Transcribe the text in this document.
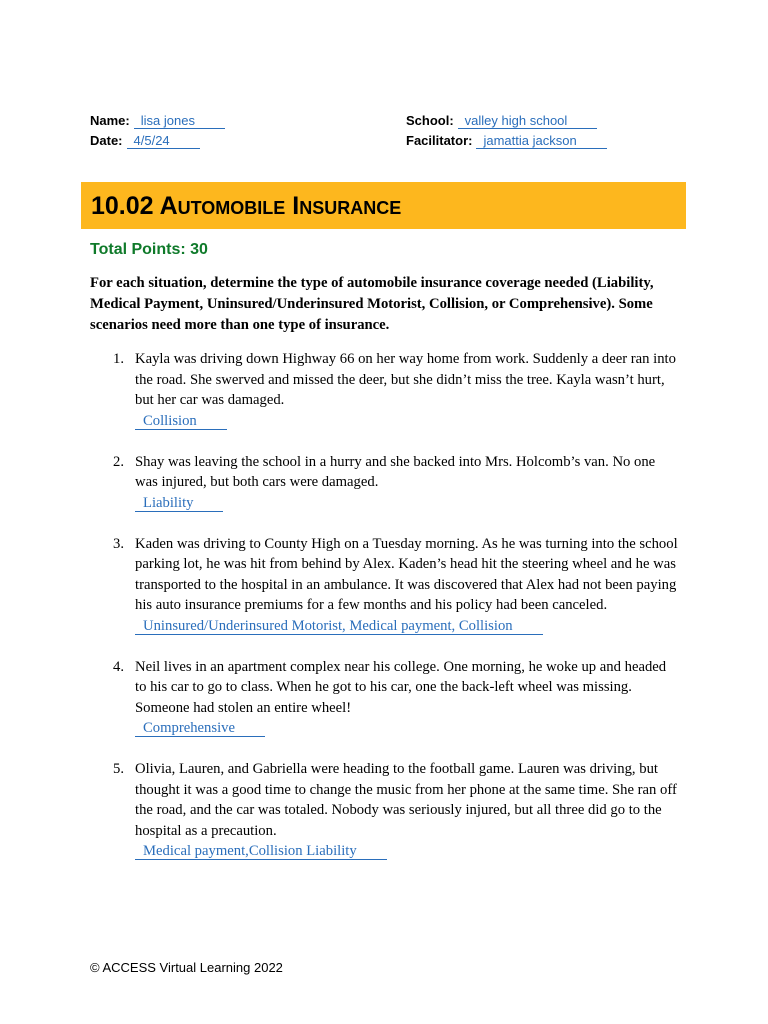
Name: lisa jones
Date: 4/5/24
School: valley high school
Facilitator: jamattia jackson
10.02 Automobile Insurance
Total Points: 30
For each situation, determine the type of automobile insurance coverage needed (Liability, Medical Payment, Uninsured/Underinsured Motorist, Collision, or Comprehensive). Some scenarios need more than one type of insurance.
1. Kayla was driving down Highway 66 on her way home from work. Suddenly a deer ran into the road. She swerved and missed the deer, but she didn’t miss the tree. Kayla wasn’t hurt, but her car was damaged.
Collision
2. Shay was leaving the school in a hurry and she backed into Mrs. Holcomb’s van. No one was injured, but both cars were damaged.
Liability
3. Kaden was driving to County High on a Tuesday morning. As he was turning into the school parking lot, he was hit from behind by Alex. Kaden’s head hit the steering wheel and he was transported to the hospital in an ambulance. It was discovered that Alex had not been paying his auto insurance premiums for a few months and his policy had been canceled.
Uninsured/Underinsured Motorist, Medical payment, Collision
4. Neil lives in an apartment complex near his college. One morning, he woke up and headed to his car to go to class. When he got to his car, one the back-left wheel was missing. Someone had stolen an entire wheel!
Comprehensive
5. Olivia, Lauren, and Gabriella were heading to the football game. Lauren was driving, but thought it was a good time to change the music from her phone at the same time. She ran off the road, and the car was totaled. Nobody was seriously injured, but all three did go to the hospital as a precaution.
Medical payment,Collision Liability
© ACCESS Virtual Learning 2022
